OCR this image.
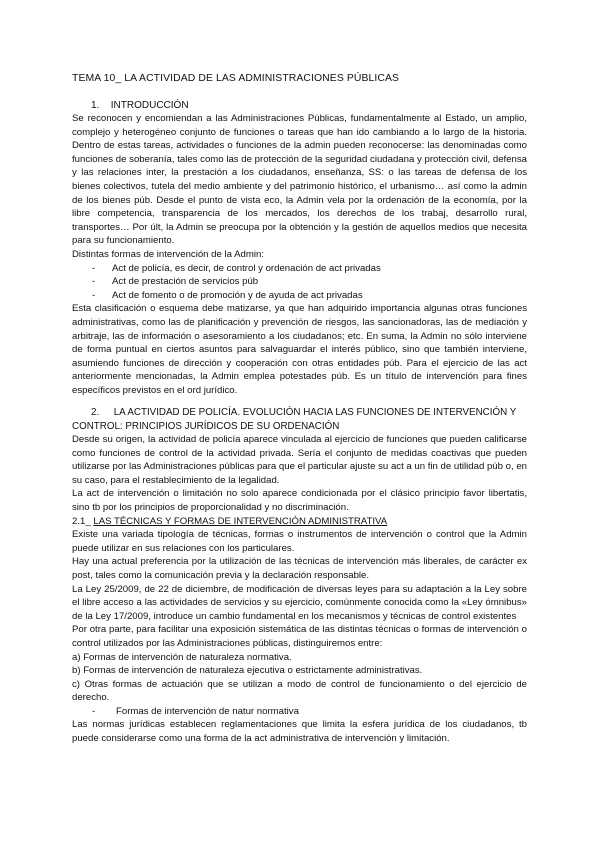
TEMA 10_ LA ACTIVIDAD DE LAS ADMINISTRACIONES PÚBLICAS
1. INTRODUCCIÓN

Se reconocen y encomiendan a las Administraciones Públicas, fundamentalmente al Estado, un amplio, complejo y heterogéneo conjunto de funciones o tareas que han ido cambiando a lo largo de la historia. Dentro de estas tareas, actividades o funciones de la admin pueden reconocerse: las denominadas como funciones de soberanía, tales como las de protección de la seguridad ciudadana y protección civil, defensa y las relaciones inter, la prestación a los ciudadanos, enseñanza, SS: o las tareas de defensa de los bienes colectivos, tutela del medio ambiente y del patrimonio histórico, el urbanismo… así como la admin de los bienes púb. Desde el punto de vista eco, la Admin vela por la ordenación de la economía, por la libre competencia, transparencia de los mercados, los derechos de los trabaj, desarrollo rural, transportes… Por últ, la Admin se preocupa por la obtención y la gestión de aquellos medios que necesita para su funcionamiento.

Distintas formas de intervención de la Admin:

-	Act de policía, es decir, de control y ordenación de act privadas
-	Act de prestación de servicios púb
-	Act de fomento o de promoción y de ayuda de act privadas

Esta clasificación o esquema debe matizarse, ya que han adquirido importancia algunas otras funciones administrativas, como las de planificación y prevención de riesgos, las sancionadoras, las de mediación y arbitraje, las de información o asesoramiento a los ciudadanos; etc. En suma, la Admin no sólo interviene de forma puntual en ciertos asuntos para salvaguardar el interés público, sino que también interviene, asumiendo funciones de dirección y cooperación con otras entidades púb. Para el ejercicio de las act anteriormente mencionadas, la Admin emplea potestades púb. Es un título de intervención para fines específicos previstos en el ord jurídico.

2. LA ACTIVIDAD DE POLICÍA. EVOLUCIÓN HACIA LAS FUNCIONES DE INTERVENCIÓN Y CONTROL: PRINCIPIOS JURÍDICOS DE SU ORDENACIÓN

Desde su origen, la actividad de policía aparece vinculada al ejercicio de funciones que pueden calificarse como funciones de control de la actividad privada. Sería el conjunto de medidas coactivas que pueden utilizarse por las Administraciones públicas para que el particular ajuste su act a un fin de utilidad púb o, en su caso, para el restablecimiento de la legalidad.

La act de intervención o limitación no solo aparece condicionada por el clásico principio favor libertatis, sino tb por los principios de proporcionalidad y no discriminación.

2.1_ LAS TÉCNICAS Y FORMAS DE INTERVENCIÓN ADMINISTRATIVA

Existe una variada tipología de técnicas, formas o instrumentos de intervención o control que la Admin puede utilizar en sus relaciones con los particulares.

Hay una actual preferencia por la utilización de las técnicas de intervención más liberales, de carácter ex post, tales como la comunicación previa y la declaración responsable.

La Ley 25/2009, de 22 de diciembre, de modificación de diversas leyes para su adaptación a la Ley sobre el libre acceso a las actividades de servicios y su ejercicio, comúnmente conocida como la «Ley ómnibus» de la Ley 17/2009, introduce un cambio fundamental en los mecanismos y técnicas de control existentes

Por otra parte, para facilitar una exposición sistemática de las distintas técnicas o formas de intervención o control utilizados por las Administraciones públicas, distinguiremos entre:

a) Formas de intervención de naturaleza normativa.

b) Formas de intervención de naturaleza ejecutiva o estrictamente administrativas.

c) Otras formas de actuación que se utilizan a modo de control de funcionamiento o del ejercicio de derecho.

-	Formas de intervención de natur normativa

Las normas jurídicas establecen reglamentaciones que limita la esfera jurídica de los ciudadanos, tb puede considerarse como una forma de la act administrativa de intervención y limitación.
